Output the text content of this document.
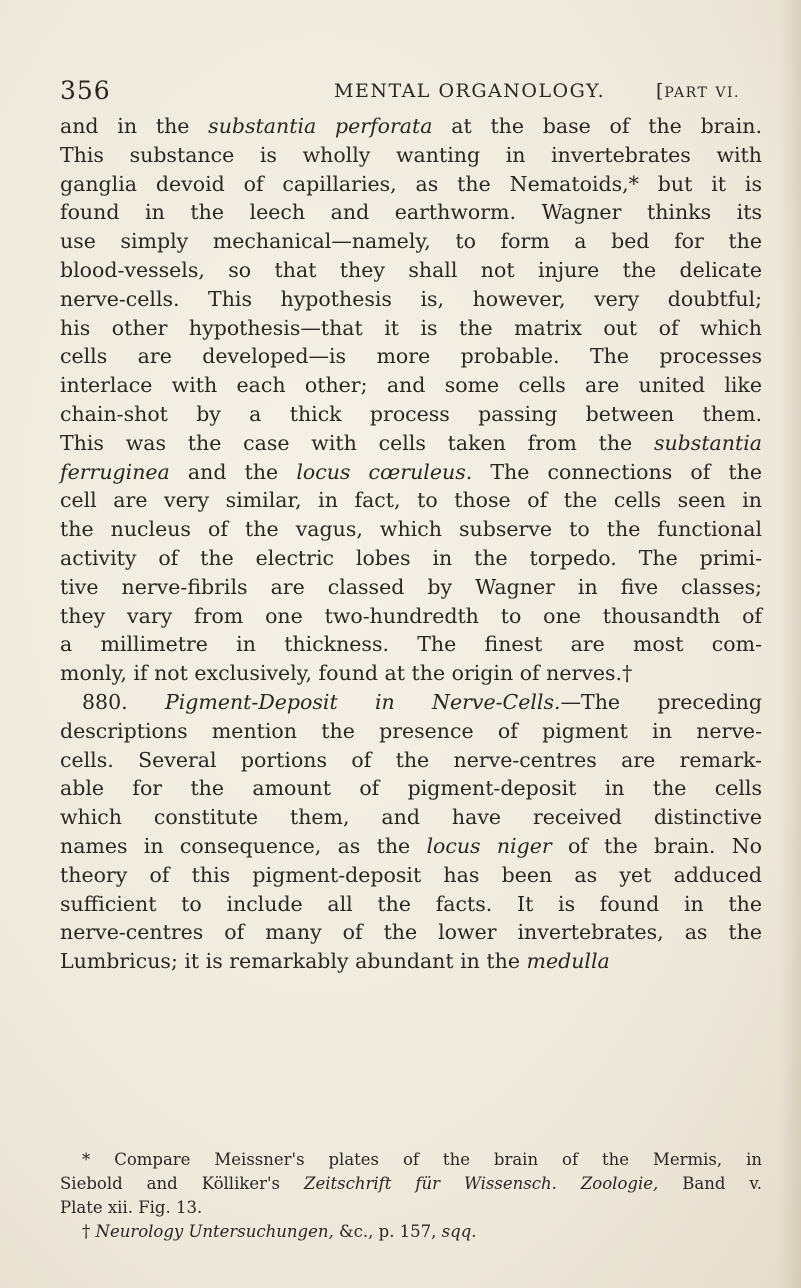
356	MENTAL ORGANOLOGY.	[PART VI.
and in the substantia perforata at the base of the brain.
This substance is wholly wanting in invertebrates with
ganglia devoid of capillaries, as the Nematoids,* but it is
found in the leech and earthworm. Wagner thinks its
use simply mechanical—namely, to form a bed for the
blood-vessels, so that they shall not injure the delicate
nerve-cells. This hypothesis is, however, very doubtful;
his other hypothesis—that it is the matrix out of which
cells are developed—is more probable. The processes
interlace with each other; and some cells are united like
chain-shot by a thick process passing between them.
This was the case with cells taken from the substantia
ferruginea and the locus cœruleus. The connections of the
cell are very similar, in fact, to those of the cells seen in
the nucleus of the vagus, which subserve to the functional
activity of the electric lobes in the torpedo. The primi-
tive nerve-fibrils are classed by Wagner in five classes;
they vary from one two-hundredth to one thousandth of
a millimetre in thickness. The finest are most com-
monly, if not exclusively, found at the origin of nerves.†
880. Pigment-Deposit in Nerve-Cells.—The preceding
descriptions mention the presence of pigment in nerve-
cells. Several portions of the nerve-centres are remark-
able for the amount of pigment-deposit in the cells
which constitute them, and have received distinctive
names in consequence, as the locus niger of the brain. No
theory of this pigment-deposit has been as yet adduced
sufficient to include all the facts. It is found in the
nerve-centres of many of the lower invertebrates, as the
Lumbricus; it is remarkably abundant in the medulla
* Compare Meissner's plates of the brain of the Mermis, in
Siebold and Kölliker's Zeitschrift für Wissensch. Zoologie, Band v.
Plate xii. Fig. 13.
† Neurology Untersuchungen, &c., p. 157, sqq.
